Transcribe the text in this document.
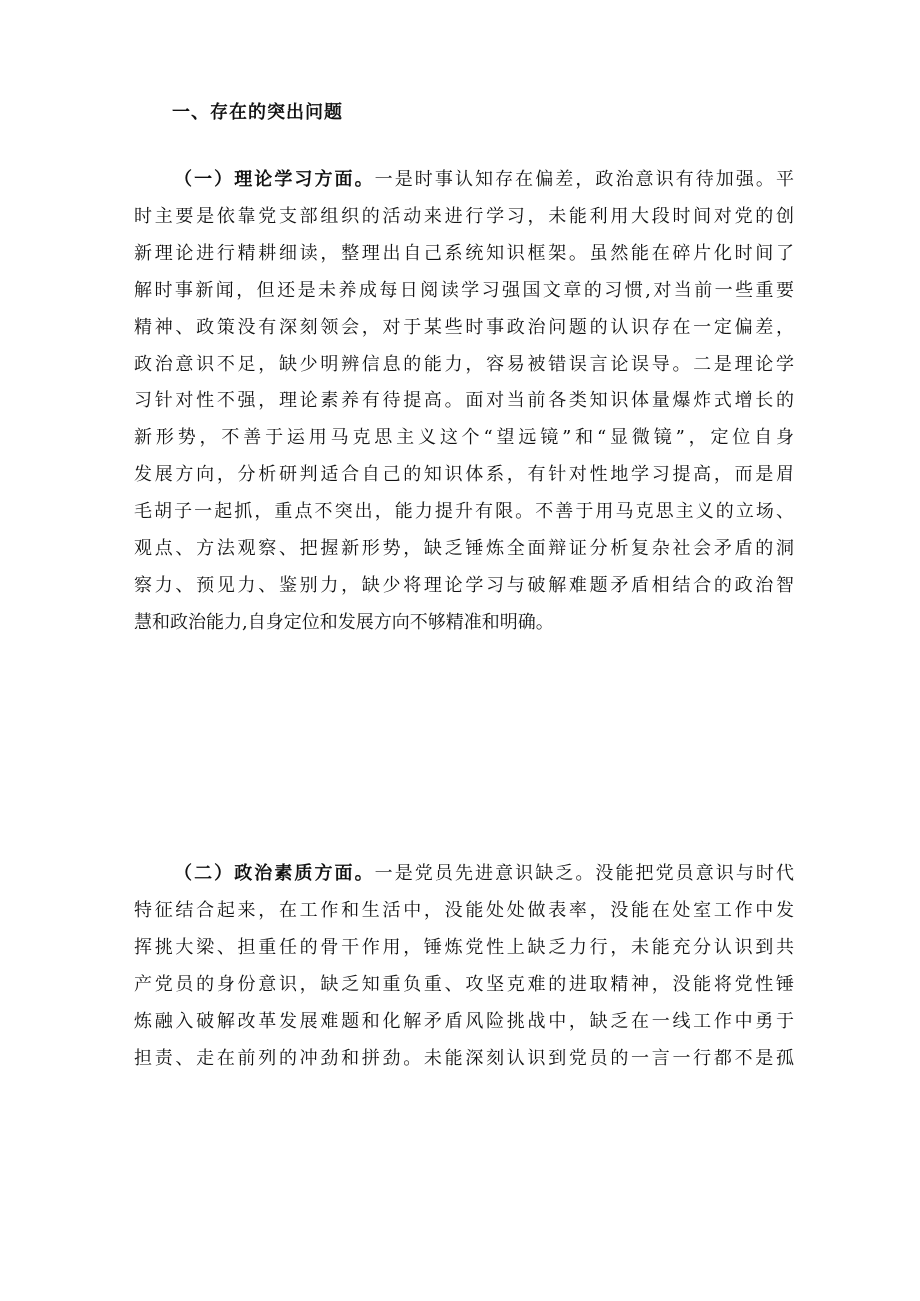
一、存在的突出问题
（一）理论学习方面。一是时事认知存在偏差，政治意识有待加强。平
时主要是依靠党支部组织的活动来进行学习，未能利用大段时间对党的创
新理论进行精耕细读，整理出自己系统知识框架。虽然能在碎片化时间了
解时事新闻，但还是未养成每日阅读学习强国文章的习惯,对当前一些重要
精神、政策没有深刻领会，对于某些时事政治问题的认识存在一定偏差，
政治意识不足，缺少明辨信息的能力，容易被错误言论误导。二是理论学
习针对性不强，理论素养有待提高。面对当前各类知识体量爆炸式增长的
新形势，不善于运用马克思主义这个“望远镜”和“显微镜”，定位自身
发展方向，分析研判适合自己的知识体系，有针对性地学习提高，而是眉
毛胡子一起抓，重点不突出，能力提升有限。不善于用马克思主义的立场、
观点、方法观察、把握新形势，缺乏锤炼全面辩证分析复杂社会矛盾的洞
察力、预见力、鉴别力，缺少将理论学习与破解难题矛盾相结合的政治智
慧和政治能力,自身定位和发展方向不够精准和明确。
（二）政治素质方面。一是党员先进意识缺乏。没能把党员意识与时代
特征结合起来，在工作和生活中，没能处处做表率，没能在处室工作中发
挥挑大梁、担重任的骨干作用，锤炼党性上缺乏力行，未能充分认识到共
产党员的身份意识，缺乏知重负重、攻坚克难的进取精神，没能将党性锤
炼融入破解改革发展难题和化解矛盾风险挑战中，缺乏在一线工作中勇于
担责、走在前列的冲劲和拼劲。未能深刻认识到党员的一言一行都不是孤
